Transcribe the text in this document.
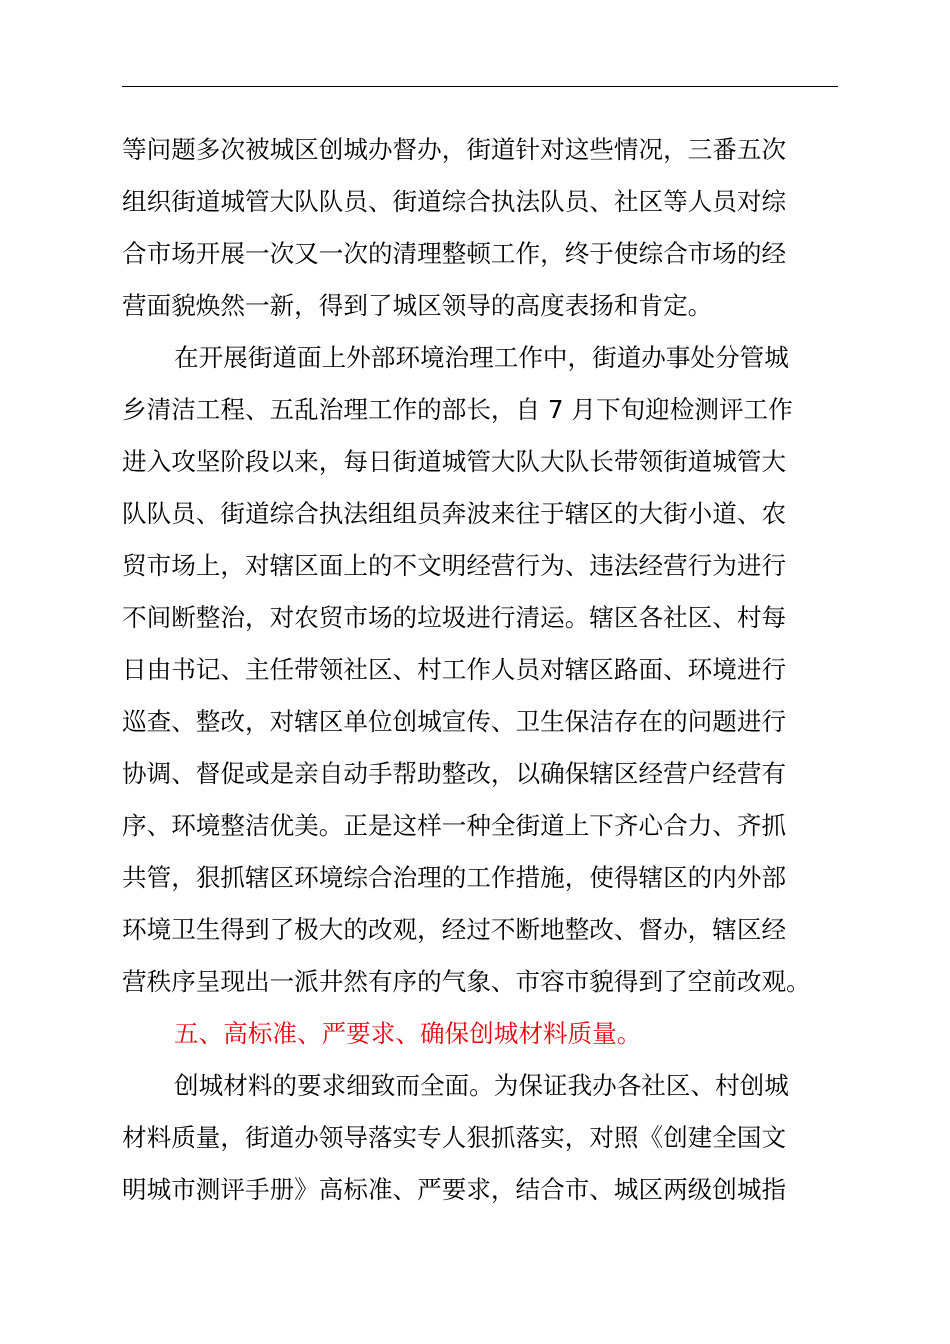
等问题多次被城区创城办督办，街道针对这些情况，三番五次
组织街道城管大队队员、街道综合执法队员、社区等人员对综
合市场开展一次又一次的清理整顿工作，终于使综合市场的经
营面貌焕然一新，得到了城区领导的高度表扬和肯定。
在开展街道面上外部环境治理工作中，街道办事处分管城
乡清洁工程、五乱治理工作的部长，自 7 月下旬迎检测评工作
进入攻坚阶段以来，每日街道城管大队大队长带领街道城管大
队队员、街道综合执法组组员奔波来往于辖区的大街小道、农
贸市场上，对辖区面上的不文明经营行为、违法经营行为进行
不间断整治，对农贸市场的垃圾进行清运。辖区各社区、村每
日由书记、主任带领社区、村工作人员对辖区路面、环境进行
巡查、整改，对辖区单位创城宣传、卫生保洁存在的问题进行
协调、督促或是亲自动手帮助整改，以确保辖区经营户经营有
序、环境整洁优美。正是这样一种全街道上下齐心合力、齐抓
共管，狠抓辖区环境综合治理的工作措施，使得辖区的内外部
环境卫生得到了极大的改观，经过不断地整改、督办，辖区经
营秩序呈现出一派井然有序的气象、市容市貌得到了空前改观。
五、高标准、严要求、确保创城材料质量。
创城材料的要求细致而全面。为保证我办各社区、村创城
材料质量，街道办领导落实专人狠抓落实，对照《创建全国文
明城市测评手册》高标准、严要求，结合市、城区两级创城指
